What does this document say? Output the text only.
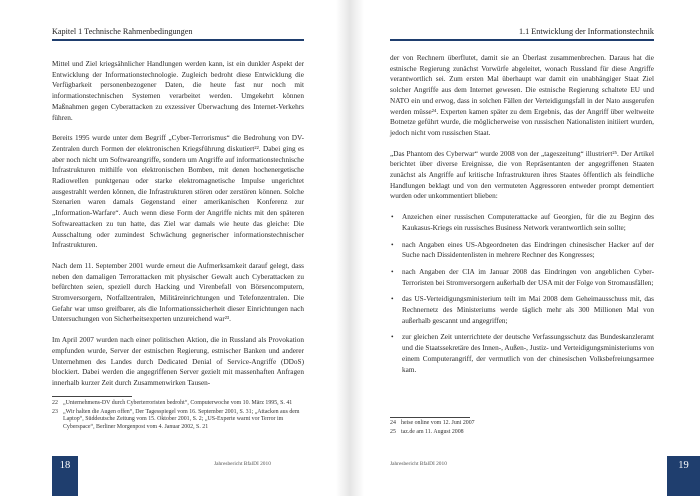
Kapitel 1 Technische Rahmenbedingungen

Mittel und Ziel kriegsähnlicher Handlungen werden kann, ist ein dunkler Aspekt der Entwicklung der Informationstechnologie. Zugleich bedroht diese Entwicklung die Verfügbarkeit personenbezogener Daten, die heute fast nur noch mit informationstechnischen Systemen verarbeitet werden. Umgekehrt können Maßnahmen gegen Cyberattacken zu exzessiver Überwachung des Internet-Verkehrs führen.

Bereits 1995 wurde unter dem Begriff „Cyber-Terrorismus“ die Bedrohung von DV-Zentralen durch Formen der elektronischen Kriegsführung diskutiert²². Dabei ging es aber noch nicht um Softwareangriffe, sondern um Angriffe auf informationstechnische Infrastrukturen mithilfe von elektronischen Bomben, mit denen hochenergetische Radiowellen punktgenau oder starke elektromagnetische Impulse ungerichtet ausgestrahlt werden können, die Infrastrukturen stören oder zerstören können. Solche Szenarien waren damals Gegenstand einer amerikanischen Konferenz zur „Information-Warfare“. Auch wenn diese Form der Angriffe nichts mit den späteren Softwareattacken zu tun hatte, das Ziel war damals wie heute das gleiche: Die Ausschaltung oder zumindest Schwächung gegnerischer informationstechnischer Infrastrukturen.

Nach dem 11. September 2001 wurde erneut die Aufmerksamkeit darauf gelegt, dass neben den damaligen Terrorattacken mit physischer Gewalt auch Cyberattacken zu befürchten seien, speziell durch Hacking und Virenbefall von Börsencomputern, Stromversorgern, Notfallzentralen, Militäreinrichtungen und Telefonzentralen. Die Gefahr war umso greifbarer, als die Informationssicherheit dieser Einrichtungen nach Untersuchungen von Sicherheitsexperten unzureichend war²³.

Im April 2007 wurden nach einer politischen Aktion, die in Russland als Provokation empfunden wurde, Server der estnischen Regierung, estnischer Banken und anderer Unternehmen des Landes durch Dedicated Denial of Service-Angriffe (DDoS) blockiert. Dabei werden die angegriffenen Server gezielt mit massenhaften Anfragen innerhalb kurzer Zeit durch Zusammenwirken Tausen-

22 „Unternehmens-DV durch Cyberterroristen bedroht“, Computerwoche vom 10. März 1995, S. 41
23 „Wir halten die Augen offen“, Der Tagesspiegel vom 16. September 2001, S. 31; „Attacken aus dem Laptop“, Süddeutsche Zeitung vom 15. Oktober 2001, S. 2; „US-Experte warnt vor Terror im Cyberspace“, Berliner Morgenpost vom 4. Januar 2002, S. 21
18	Jahresbericht BfalDI 2010
1.1 Entwicklung der Informationstechnik

der von Rechnern überflutet, damit sie an Überlast zusammenbrechen. Daraus hat die estnische Regierung zunächst Vorwürfe abgeleitet, wonach Russland für diese Angriffe verantwortlich sei. Zum ersten Mal überhaupt war damit ein unabhängiger Staat Ziel solcher Angriffe aus dem Internet gewesen. Die estnische Regierung schaltete EU und NATO ein und erwog, dass in solchen Fällen der Verteidigungsfall in der Nato ausgerufen werden müsse²⁴. Experten kamen später zu dem Ergebnis, das der Angriff über weltweite Botnetze geführt wurde, die möglicherweise von russischen Nationalisten initiiert wurden, jedoch nicht vom russischen Staat.

„Das Phantom des Cyberwar“ wurde 2008 von der „tageszeitung“ illustriert²⁵. Der Artikel berichtet über diverse Ereignisse, die von Repräsentanten der angegriffenen Staaten zunächst als Angriffe auf kritische Infrastrukturen ihres Staates öffentlich als feindliche Handlungen beklagt und von den vermuteten Aggressoren entweder prompt dementiert wurden oder unkommentiert blieben:

• Anzeichen einer russischen Computerattacke auf Georgien, für die zu Beginn des Kaukasus-Kriegs ein russisches Business Network verantwortlich sein sollte;
• nach Angaben eines US-Abgeordneten das Eindringen chinesischer Hacker auf der Suche nach Dissidentenlisten in mehrere Rechner des Kongresses;
• nach Angaben der CIA im Januar 2008 das Eindringen von angeblichen Cyber-Terroristen bei Stromversorgern außerhalb der USA mit der Folge von Stromausfällen;
• das US-Verteidigungsministerium teilt im Mai 2008 dem Geheimausschuss mit, das Rechnernetz des Ministeriums werde täglich mehr als 300 Millionen Mal von außerhalb gescannt und angegriffen;
• zur gleichen Zeit unterrichtete der deutsche Verfassungsschutz das Bundeskanzleramt und die Staatssekretäre des Innen-, Außen-, Justiz- und Verteidigungsministeriums von einem Computerangriff, der vermutlich von der chinesischen Volksbefreiungsarmee kam.
24 heise online vom 12. Juni 2007
25 taz.de am 11. August 2008
19
Jahresbericht BfalDI 2010
